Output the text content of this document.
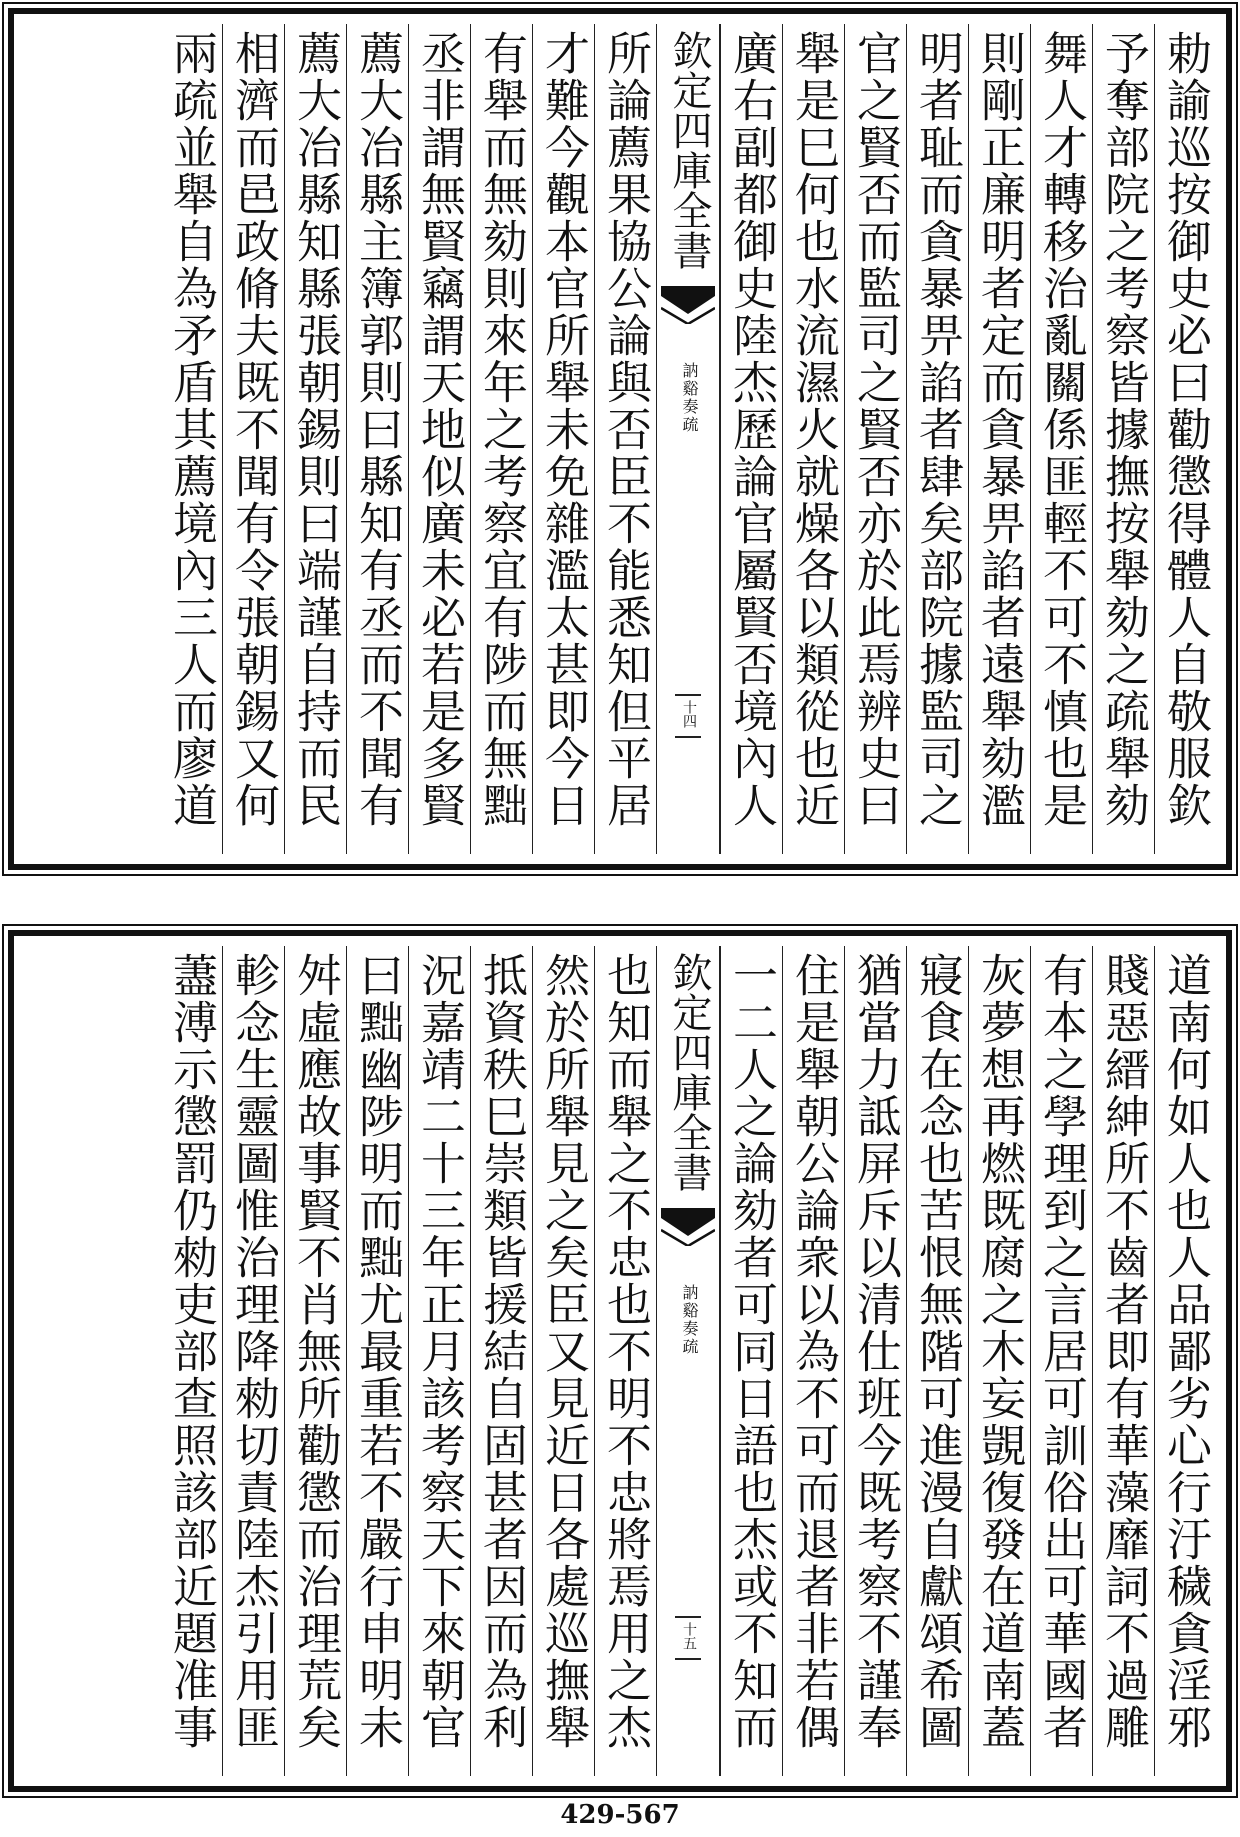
勅諭巡按御史必曰勸懲得體人自敬服欽
予奪部院之考察皆據撫按舉劾之疏舉劾
舞人才轉移治亂關係匪輕不可不慎也是
則剛正廉明者定而貪暴畀諂者遠舉劾濫
明者耻而貪暴畀諂者肆矣部院據監司之
官之賢否而監司之賢否亦於此焉辨史曰
舉是巳何也水流濕火就燥各以類從也近
廣右副都御史陸杰歷論官屬賢否境內人
欽定四庫全書
訥谿奏疏
十四
所論薦果協公論與否臣不能悉知但平居
才難今觀本官所舉未免雜濫太甚即今日
有舉而無劾則來年之考察宜有陟而無黜
丞非謂無賢竊謂天地似廣未必若是多賢
薦大冶縣主簿郭則曰縣知有丞而不聞有
薦大冶縣知縣張朝錫則曰端謹自持而民
相濟而邑政脩夫既不聞有令張朝錫又何
兩疏並舉自為矛盾其薦境內三人而廖道
道南何如人也人品鄙劣心行汙穢貪淫邪
賤惡縉紳所不齒者即有華藻靡詞不過雕
有本之學理到之言居可訓俗出可華國者
灰夢想再燃既腐之木妄覬復發在道南蓋
寢食在念也苦恨無階可進漫自獻頌希圖
猶當力詆屏斥以清仕班今既考察不謹奉
住是舉朝公論衆以為不可而退者非若偶
一二人之論劾者可同日語也杰或不知而
欽定四庫全書
訥谿奏疏
十五
也知而舉之不忠也不明不忠將焉用之杰
然於所舉見之矣臣又見近日各處巡撫舉
抵資秩巳崇類皆援結自固甚者因而為利
況嘉靖二十三年正月該考察天下來朝官
曰黜幽陟明而黜尤最重若不嚴行申明未
舛虛應故事賢不肖無所勸懲而治理荒矣
軫念生靈圖惟治理降勑切責陸杰引用匪
藎溥示懲罰仍勑吏部查照該部近題准事
429-567
